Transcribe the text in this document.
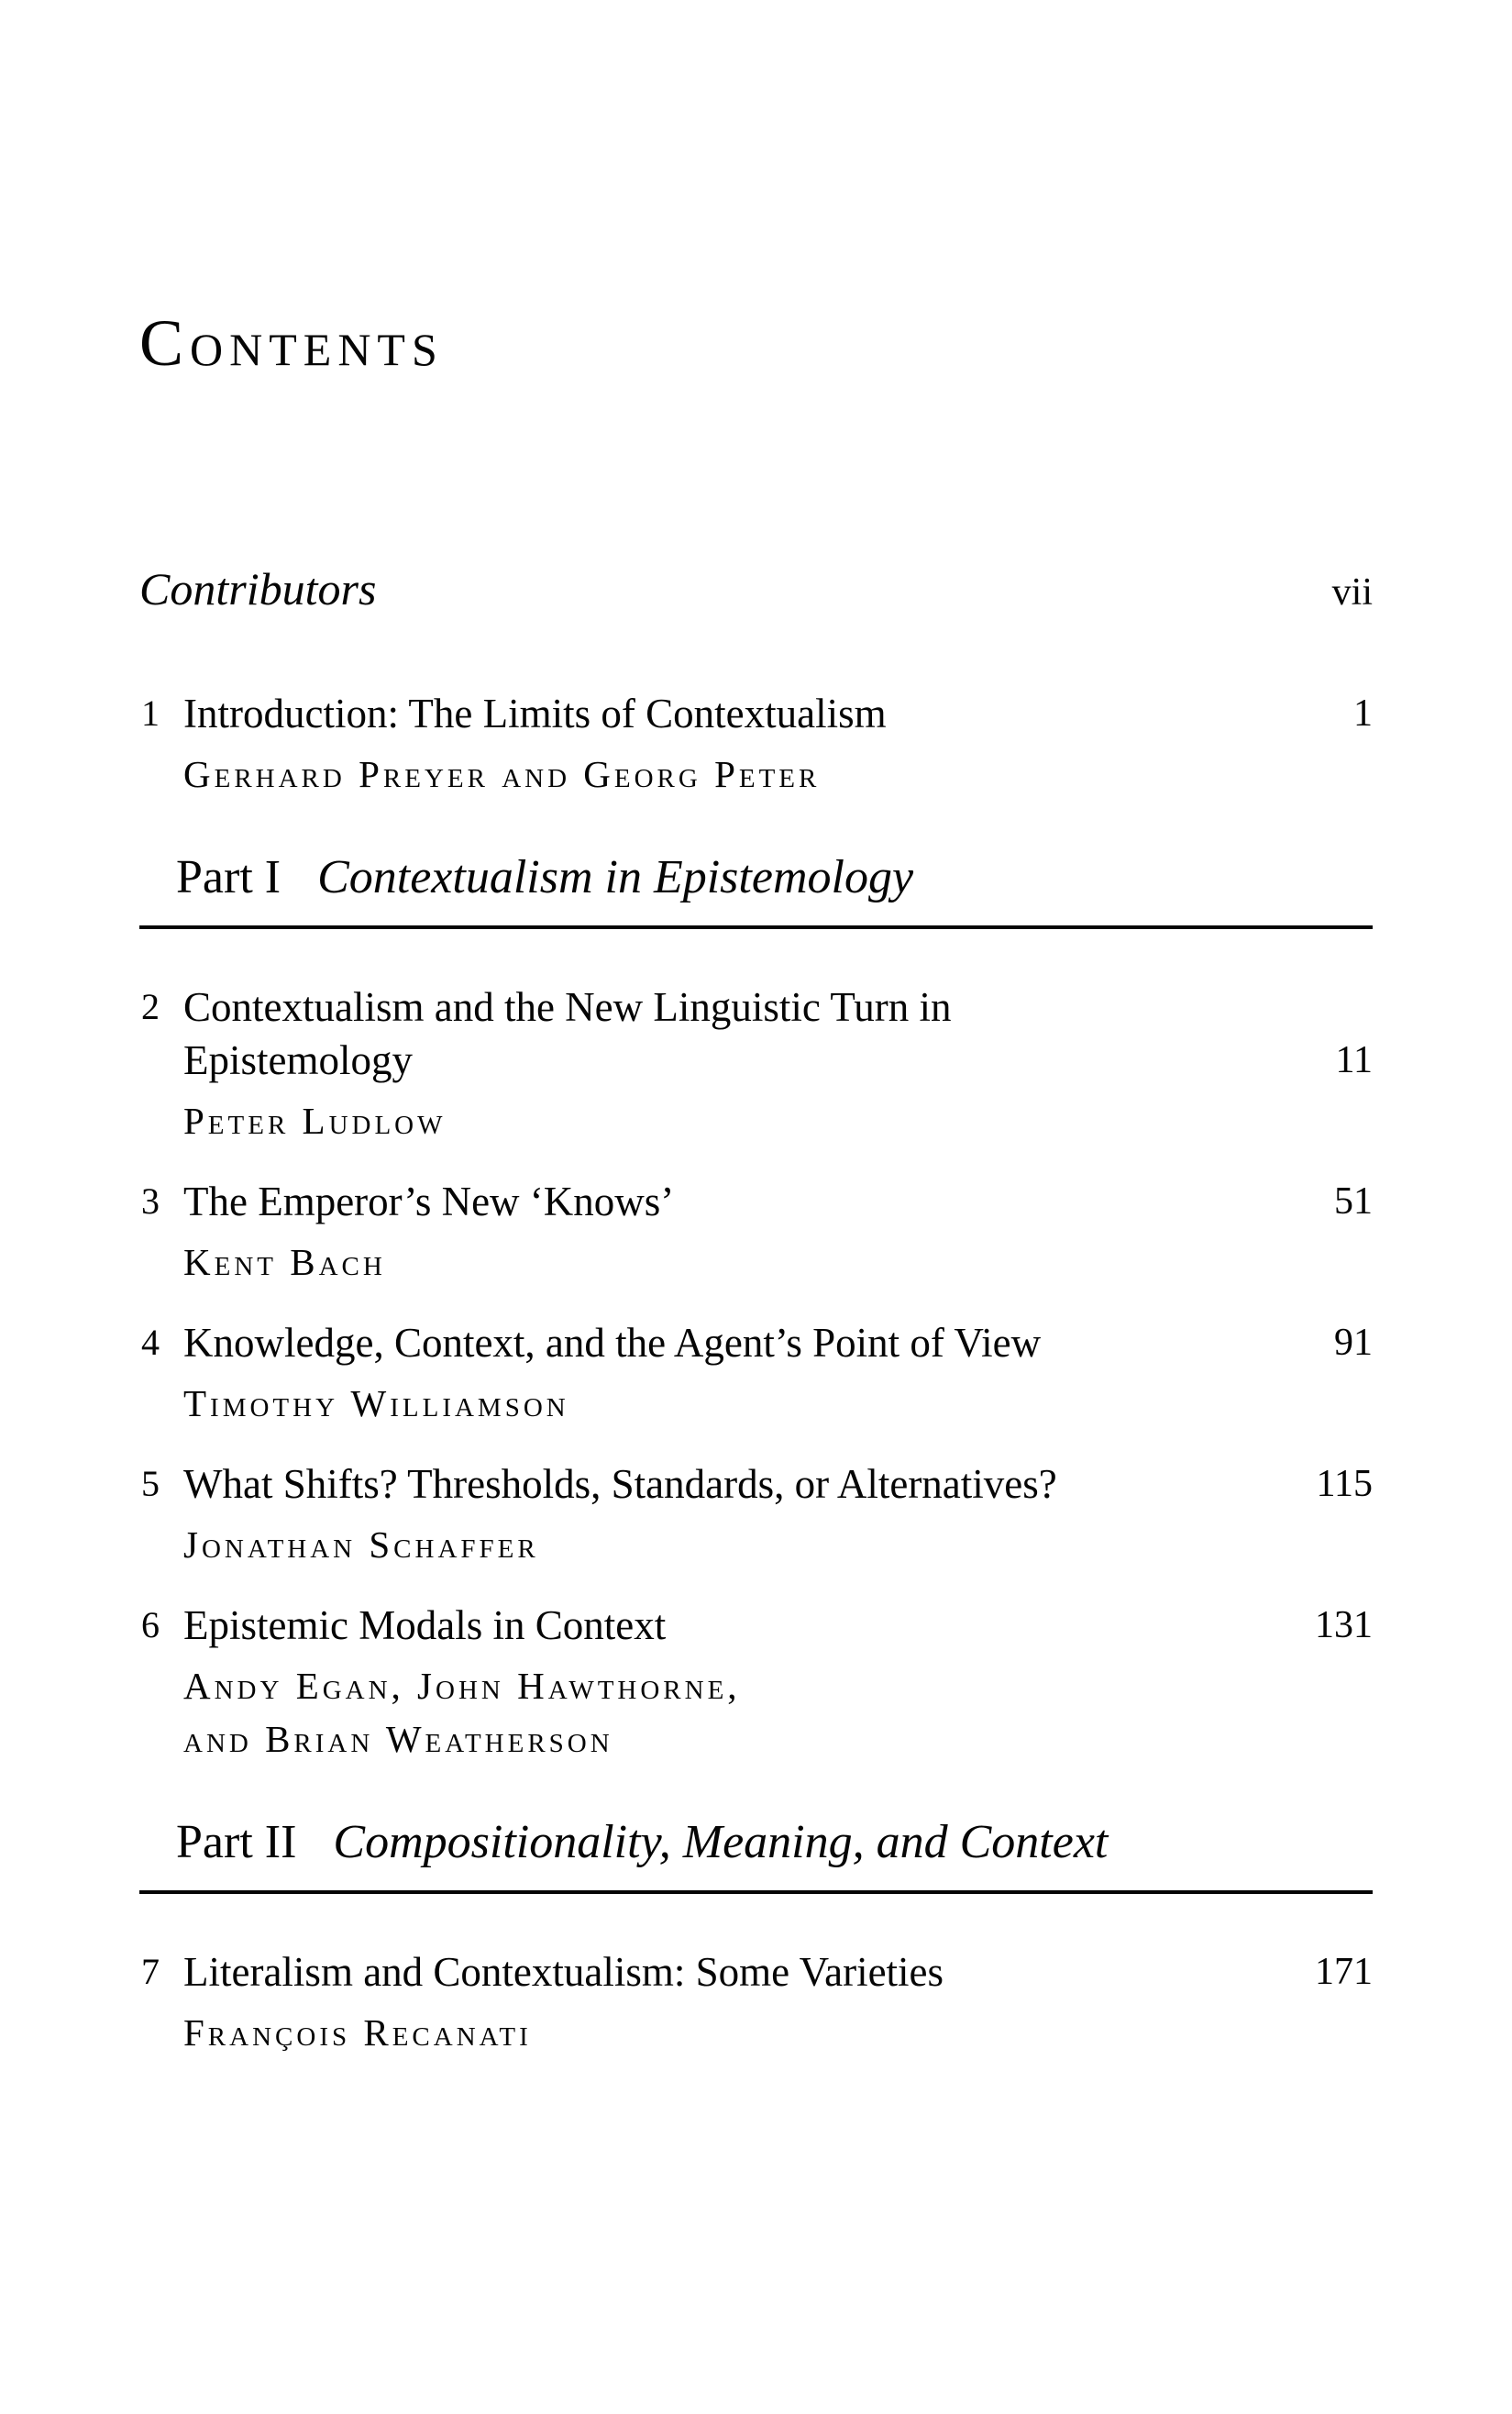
Contents
Contributors	vii
1 Introduction: The Limits of Contextualism	1
Gerhard Preyer and Georg Peter
Part I Contextualism in Epistemology
2 Contextualism and the New Linguistic Turn in
Epistemology	11
Peter Ludlow
3 The Emperor’s New ‘Knows’	51
Kent Bach
4 Knowledge, Context, and the Agent’s Point of View	91
Timothy Williamson
5 What Shifts? Thresholds, Standards, or Alternatives?	115
Jonathan Schaffer
6 Epistemic Modals in Context	131
Andy Egan, John Hawthorne,
and Brian Weatherson
Part II Compositionality, Meaning, and Context
7 Literalism and Contextualism: Some Varieties	171
François Recanati
